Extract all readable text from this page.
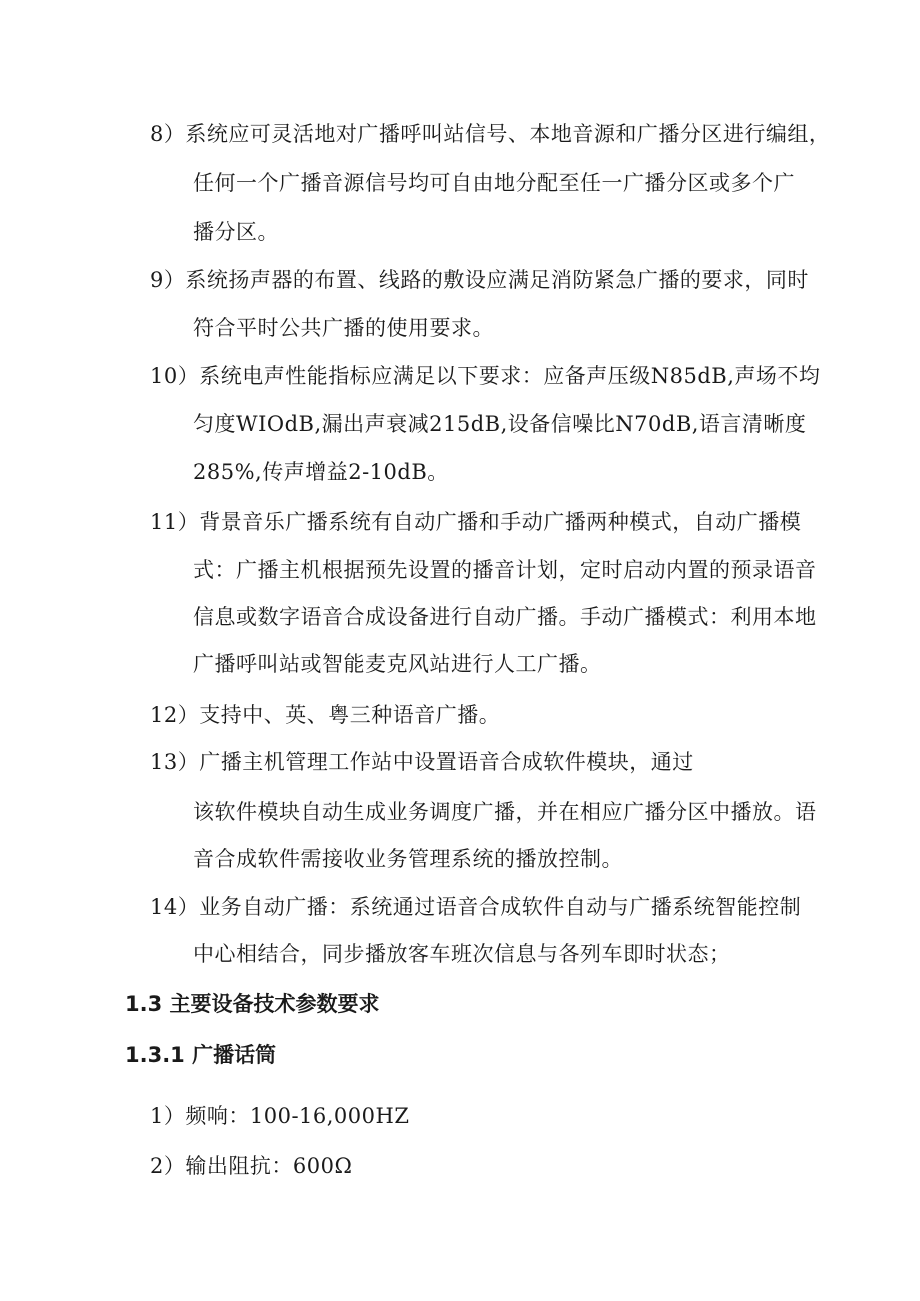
8）系统应可灵活地对广播呼叫站信号、本地音源和广播分区进行编组，
任何一个广播音源信号均可自由地分配至任一广播分区或多个广
播分区。
9）系统扬声器的布置、线路的敷设应满足消防紧急广播的要求，同时
符合平时公共广播的使用要求。
10）系统电声性能指标应满足以下要求：应备声压级N85dB,声场不均
匀度WIOdB,漏出声衰减215dB,设备信噪比N70dB,语言清晰度
285%,传声增益2-10dB。
11）背景音乐广播系统有自动广播和手动广播两种模式，自动广播模
式：广播主机根据预先设置的播音计划，定时启动内置的预录语音
信息或数字语音合成设备进行自动广播。手动广播模式：利用本地
广播呼叫站或智能麦克风站进行人工广播。
12）支持中、英、粤三种语音广播。
13）广播主机管理工作站中设置语音合成软件模块，通过
该软件模块自动生成业务调度广播，并在相应广播分区中播放。语
音合成软件需接收业务管理系统的播放控制。
14）业务自动广播：系统通过语音合成软件自动与广播系统智能控制
中心相结合，同步播放客车班次信息与各列车即时状态；
1.3 主要设备技术参数要求
1.3.1 广播话筒
1）频响：100-16,000HZ
2）输出阻抗：600Ω
